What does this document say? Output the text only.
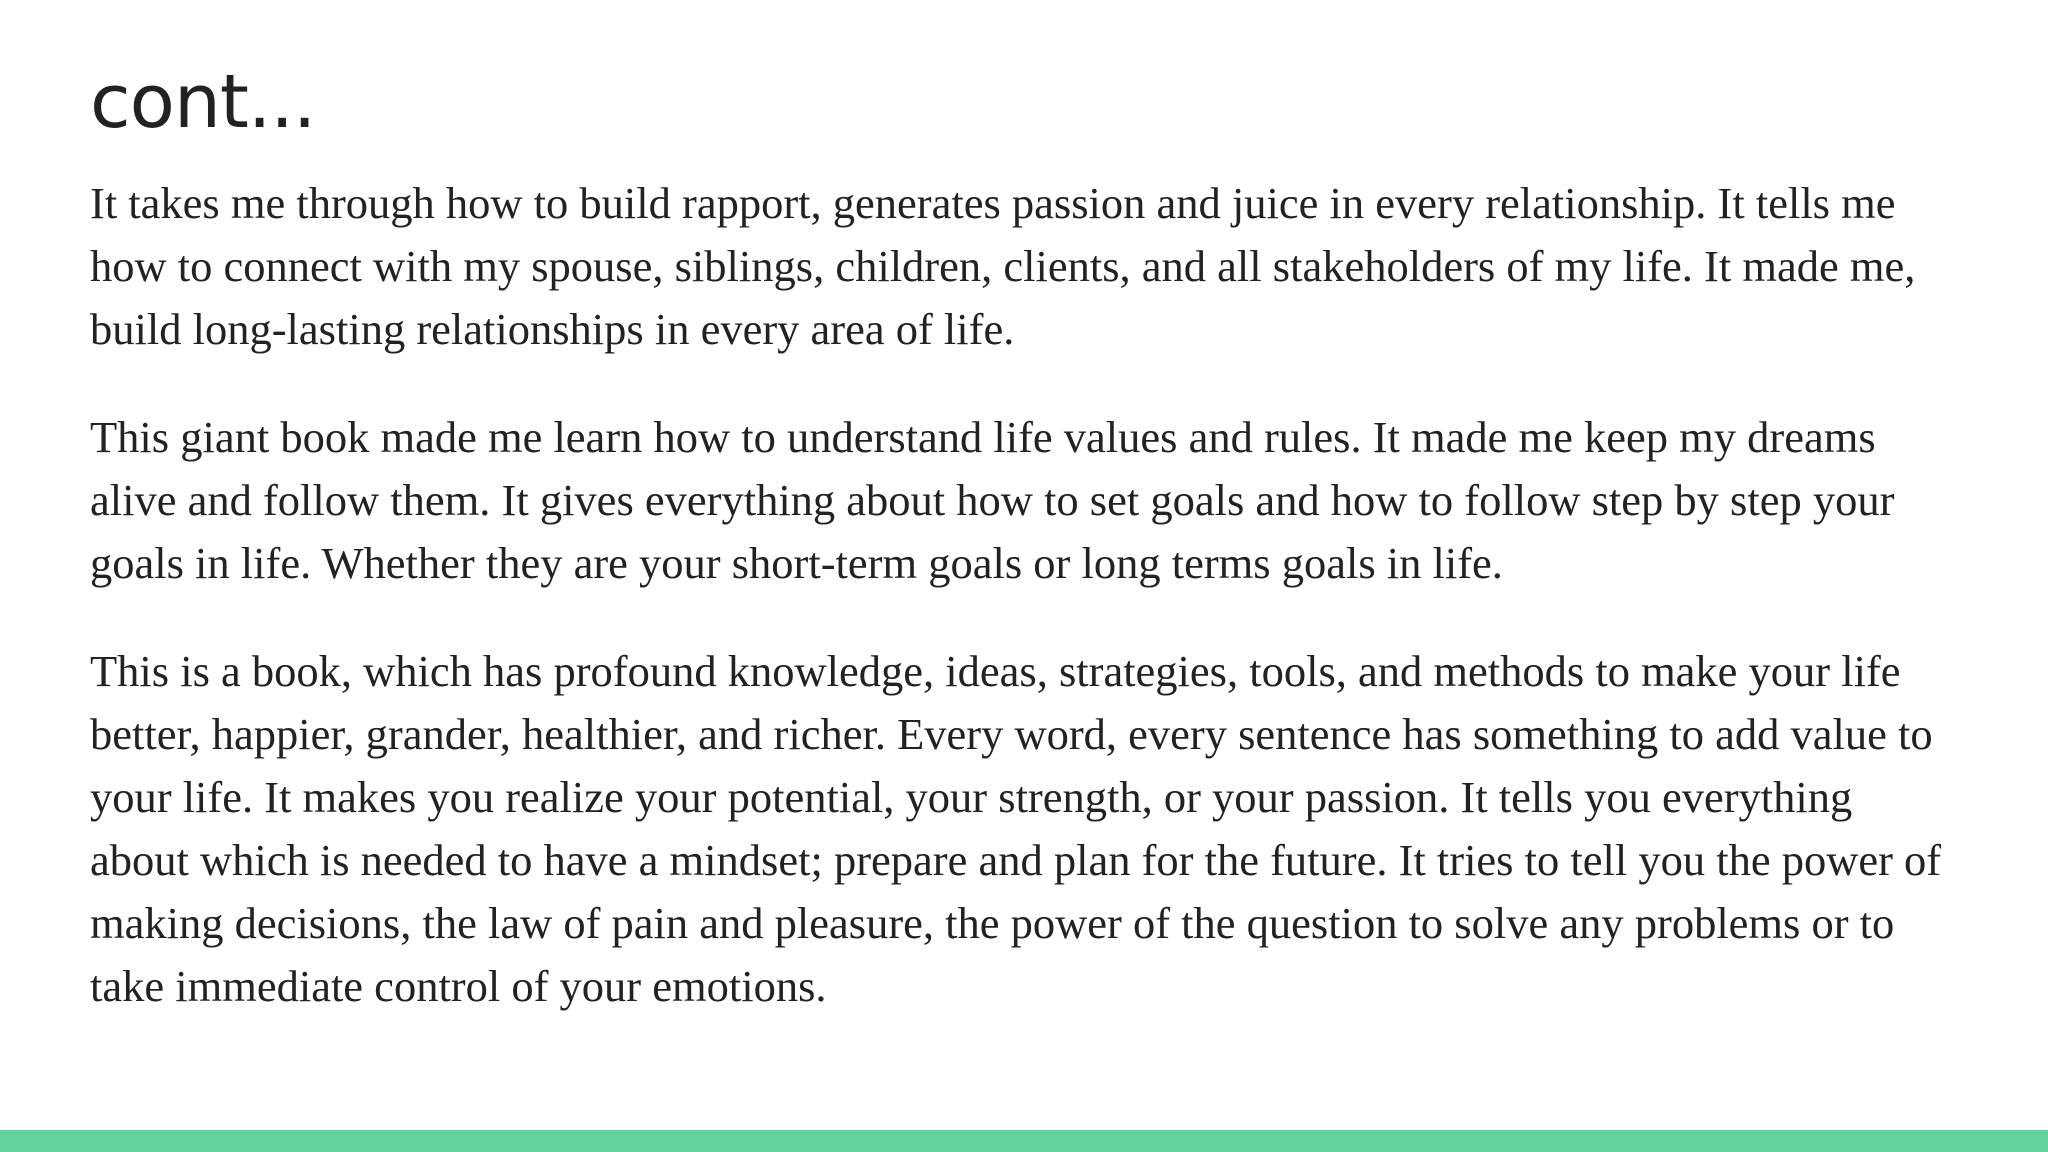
cont...

It takes me through how to build rapport, generates passion and juice in every relationship. It tells me how to connect with my spouse, siblings, children, clients, and all stakeholders of my life. It made me, build long-lasting relationships in every area of life.

This giant book made me learn how to understand life values and rules. It made me keep my dreams alive and follow them. It gives everything about how to set goals and how to follow step by step your goals in life. Whether they are your short-term goals or long terms goals in life.

This is a book, which has profound knowledge, ideas, strategies, tools, and methods to make your life better, happier, grander, healthier, and richer. Every word, every sentence has something to add value to your life. It makes you realize your potential, your strength, or your passion. It tells you everything about which is needed to have a mindset; prepare and plan for the future. It tries to tell you the power of making decisions, the law of pain and pleasure, the power of the question to solve any problems or to take immediate control of your emotions.
